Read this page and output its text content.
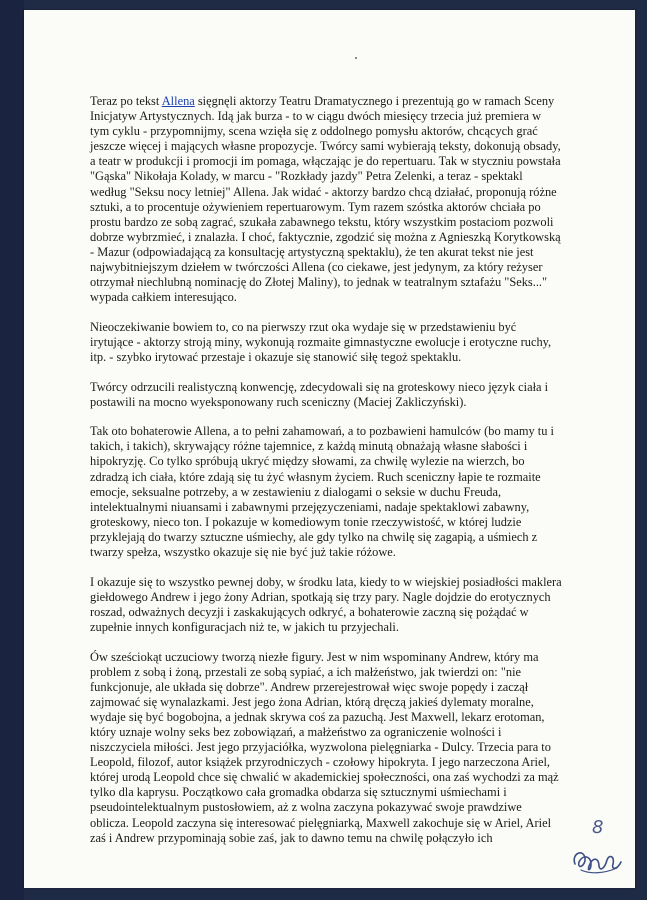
Teraz po tekst Allena sięgnęli aktorzy Teatru Dramatycznego i prezentują go w ramach Sceny Inicjatyw Artystycznych. Idą jak burza - to w ciągu dwóch miesięcy trzecia już premiera w tym cyklu - przypomnijmy, scena wzięła się z oddolnego pomysłu aktorów, chcących grać jeszcze więcej i mających własne propozycje. Twórcy sami wybierają teksty, dokonują obsady, a teatr w produkcji i promocji im pomaga, włączając je do repertuaru. Tak w styczniu powstała "Gąska" Nikołaja Kolady, w marcu - "Rozkłady jazdy" Petra Zelenki, a teraz - spektakl według "Seksu nocy letniej" Allena. Jak widać - aktorzy bardzo chcą działać, proponują różne sztuki, a to procentuje ożywieniem repertuarowym. Tym razem szóstka aktorów chciała po prostu bardzo ze sobą zagrać, szukała zabawnego tekstu, który wszystkim postaciom pozwoli dobrze wybrzmieć, i znalazła. I choć, faktycznie, zgodzić się można z Agnieszką Korytkowską - Mazur (odpowiadającą za konsultację artystyczną spektaklu), że ten akurat tekst nie jest najwybitniejszym dziełem w twórczości Allena (co ciekawe, jest jedynym, za który reżyser otrzymał niechlubną nominację do Złotej Maliny), to jednak w teatralnym sztafażu "Seks..." wypada całkiem interesująco.

Nieoczekiwanie bowiem to, co na pierwszy rzut oka wydaje się w przedstawieniu być irytujące - aktorzy stroją miny, wykonują rozmaite gimnastyczne ewolucje i erotyczne ruchy, itp. - szybko irytować przestaje i okazuje się stanowić siłę tegoż spektaklu.

Twórcy odrzucili realistyczną konwencję, zdecydowali się na groteskowy nieco język ciała i postawili na mocno wyeksponowany ruch sceniczny (Maciej Zakliczyński).

Tak oto bohaterowie Allena, a to pełni zahamowań, a to pozbawieni hamulców (bo mamy tu i takich, i takich), skrywający różne tajemnice, z każdą minutą obnażają własne słabości i hipokryzję. Co tylko spróbują ukryć między słowami, za chwilę wylezie na wierzch, bo zdradzą ich ciała, które zdają się tu żyć własnym życiem. Ruch sceniczny łapie te rozmaite emocje, seksualne potrzeby, a w zestawieniu z dialogami o seksie w duchu Freuda, intelektualnymi niuansami i zabawnymi przejęzyczeniami, nadaje spektaklowi zabawny, groteskowy, nieco ton. I pokazuje w komediowym tonie rzeczywistość, w której ludzie przyklejają do twarzy sztuczne uśmiechy, ale gdy tylko na chwilę się zagapią, a uśmiech z twarzy spełza, wszystko okazuje się nie być już takie różowe.

I okazuje się to wszystko pewnej doby, w środku lata, kiedy to w wiejskiej posiadłości maklera giełdowego Andrew i jego żony Adrian, spotkają się trzy pary. Nagle dojdzie do erotycznych roszad, odważnych decyzji i zaskakujących odkryć, a bohaterowie zaczną się pożądać w zupełnie innych konfiguracjach niż te, w jakich tu przyjechali.

Ów sześciokąt uczuciowy tworzą niezłe figury. Jest w nim wspominany Andrew, który ma problem z sobą i żoną, przestali ze sobą sypiać, a ich małżeństwo, jak twierdzi on: "nie funkcjonuje, ale układa się dobrze". Andrew przerejestrował więc swoje popędy i zaczął zajmować się wynalazkami. Jest jego żona Adrian, którą dręczą jakieś dylematy moralne, wydaje się być bogobojna, a jednak skrywa coś za pazuchą. Jest Maxwell, lekarz erotoman, który uznaje wolny seks bez zobowiązań, a małżeństwo za ograniczenie wolności i niszczyciela miłości. Jest jego przyjaciółka, wyzwolona pielęgniarka - Dulcy. Trzecia para to Leopold, filozof, autor książek przyrodniczych - czołowy hipokryta. I jego narzeczona Ariel, której urodą Leopold chce się chwalić w akademickiej społeczności, ona zaś wychodzi za mąż tylko dla kaprysu. Początkowo cała gromadka obdarza się sztucznymi uśmiechami i pseudointelektualnym pustosłowiem, aż z wolna zaczyna pokazywać swoje prawdziwe oblicza. Leopold zaczyna się interesować pielęgniarką, Maxwell zakochuje się w Ariel, Ariel zaś i Andrew przypominają sobie zaś, jak to dawno temu na chwilę połączyło ich	8
